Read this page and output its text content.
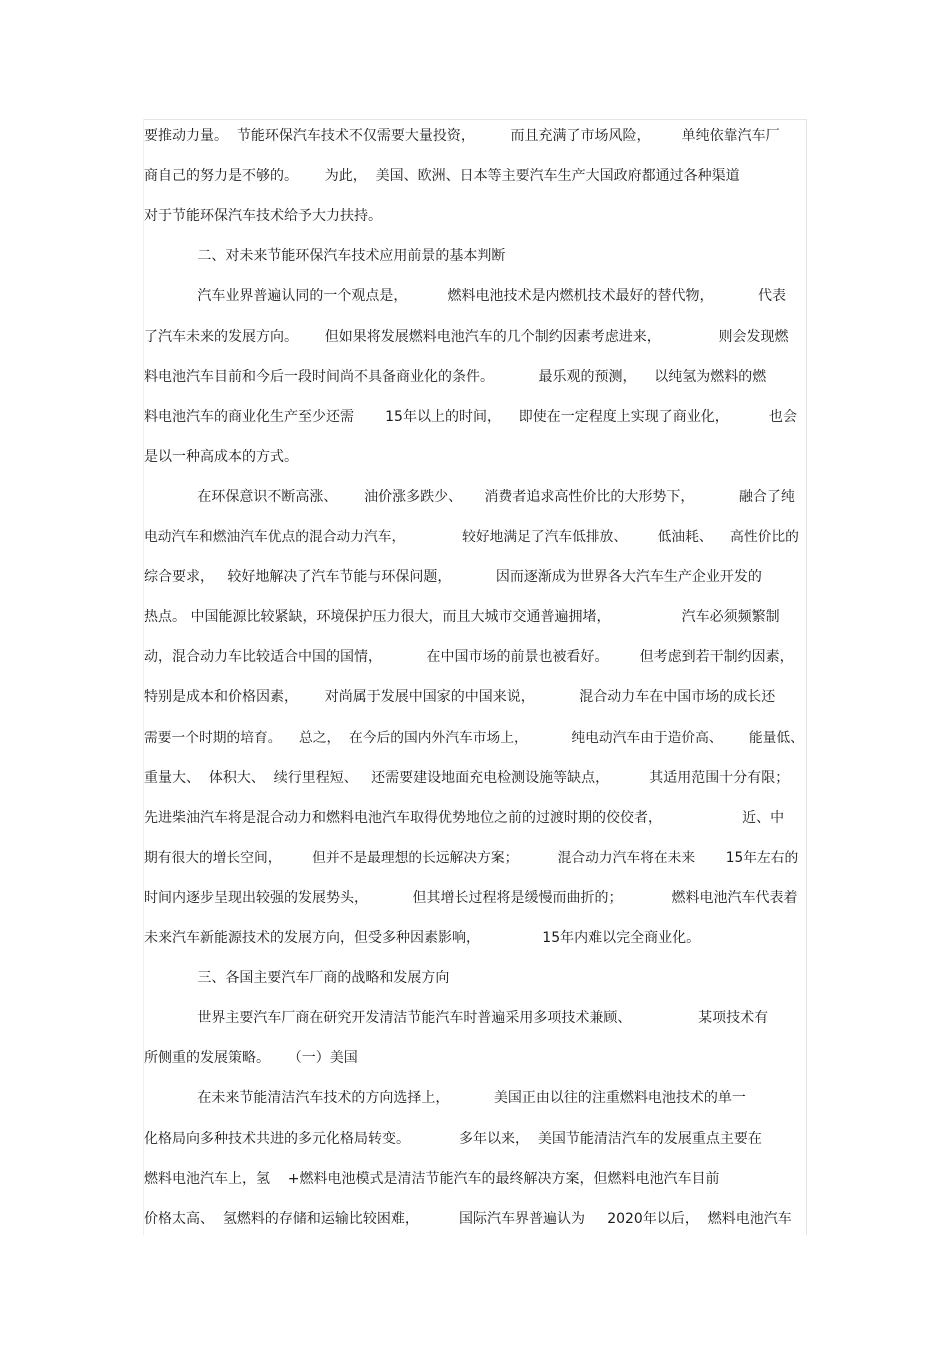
要推动力量。  节能环保汽车技术不仅需要大量投资，        而且充满了市场风险，       单纯依靠汽车厂
商自己的努力是不够的。      为此，  美国、欧洲、日本等主要汽车生产大国政府都通过各种渠道
对于节能环保汽车技术给予大力扶持。
二、对未来节能环保汽车技术应用前景的基本判断
汽车业界普遍认同的一个观点是，         燃料电池技术是内燃机技术最好的替代物，          代表
了汽车未来的发展方向。      但如果将发展燃料电池汽车的几个制约因素考虑进来，             则会发现燃
料电池汽车目前和今后一段时间尚不具备商业化的条件。          最乐观的预测，    以纯氢为燃料的燃
料电池汽车的商业化生产至少还需       15年以上的时间，    即使在一定程度上实现了商业化，         也会
是以一种高成本的方式。
在环保意识不断高涨、      油价涨多跌少、     消费者追求高性价比的大形势下，          融合了纯
电动汽车和燃油汽车优点的混合动力汽车，             较好地满足了汽车低排放、       低油耗、    高性价比的
综合要求，   较好地解决了汽车节能与环保问题，          因而逐渐成为世界各大汽车生产企业开发的
热点。 中国能源比较紧缺，环境保护压力很大，而且大城市交通普遍拥堵，                汽车必须频繁制
动，混合动力车比较适合中国的国情，          在中国市场的前景也被看好。       但考虑到若干制约因素，
特别是成本和价格因素，      对尚属于发展中国家的中国来说，          混合动力车在中国市场的成长还
需要一个时期的培育。    总之，  在今后的国内外汽车市场上，          纯电动汽车由于造价高、      能量低、
重量大、  体积大、  续行里程短、   还需要建设地面充电检测设施等缺点，         其适用范围十分有限；
先进柴油汽车将是混合动力和燃料电池汽车取得优势地位之前的过渡时期的佼佼者，                  近、中
期有很大的增长空间，       但并不是最理想的长远解决方案；         混合动力汽车将在未来       15年左右的
时间内逐步呈现出较强的发展势头，          但其增长过程将是缓慢而曲折的；           燃料电池汽车代表着
未来汽车新能源技术的发展方向，但受多种因素影响，              15年内难以完全商业化。
三、各国主要汽车厂商的战略和发展方向
世界主要汽车厂商在研究开发清洁节能汽车时普遍采用多项技术兼顾、               某项技术有
所侧重的发展策略。    （一）美国
在未来节能清洁汽车技术的方向选择上，          美国正由以往的注重燃料电池技术的单一
化格局向多种技术共进的多元化格局转变。           多年以来，  美国节能清洁汽车的发展重点主要在
燃料电池汽车上，氢    +燃料电池模式是清洁节能汽车的最终解决方案，但燃料电池汽车目前
价格太高、  氢燃料的存储和运输比较困难，         国际汽车界普遍认为     2020年以后，  燃料电池汽车
